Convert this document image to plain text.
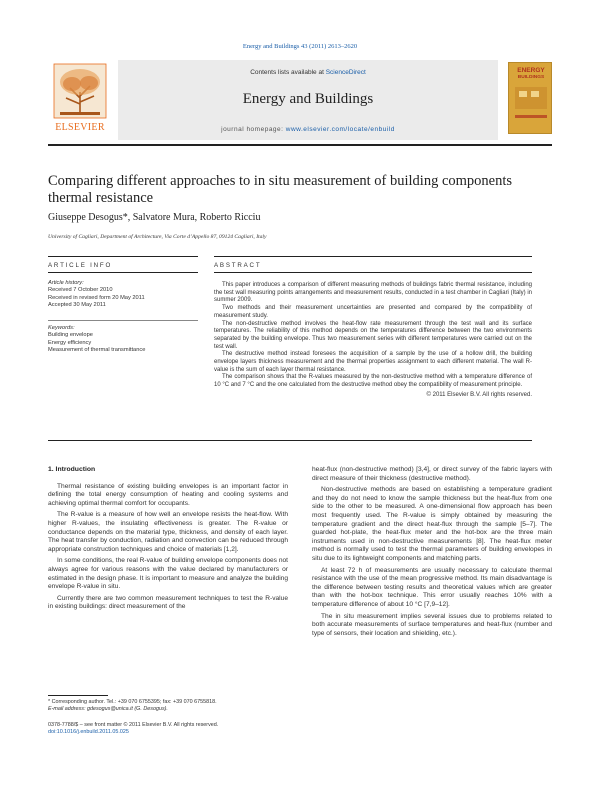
Energy and Buildings 43 (2011) 2613–2620
ELSEVIER
Contents lists available at ScienceDirect
Energy and Buildings
journal homepage: www.elsevier.com/locate/enbuild
ENERGY
BUILDINGS
Comparing different approaches to in situ measurement of building components thermal resistance
Giuseppe Desogus*, Salvatore Mura, Roberto Ricciu
University of Cagliari, Department of Architecture, Via Corte d’Appello 87, 09124 Cagliari, Italy
ARTICLE INFO	ABSTRACT
Article history:
Received 7 October 2010
Received in revised form 20 May 2011
Accepted 30 May 2011
Keywords:
Building envelope
Energy efficiency
Measurement of thermal transmittance

This paper introduces a comparison of different measuring methods of buildings fabric thermal resistance, including the test wall measuring points arrangements and measurement results, conducted in a test chamber in Cagliari (Italy) in summer 2009.

Two methods and their measurement uncertainties are presented and compared by the compatibility of measurement study.

The non-destructive method involves the heat-flow rate measurement through the test wall and its surface temperatures. The reliability of this method depends on the temperatures difference between the two environments separated by the building envelope. Thus two measurement series with different temperatures were carried out on the test wall.

The destructive method instead foresees the acquisition of a sample by the use of a hollow drill, the building envelope layers thickness measurement and the thermal properties assignment to each different material. The wall R-value is the sum of each layer thermal resistance.

The comparison shows that the R-values measured by the non-destructive method with a temperature difference of 10 °C and 7 °C and the one calculated from the destructive method obey the compatibility of measurement principle.

© 2011 Elsevier B.V. All rights reserved.

1. Introduction

Thermal resistance of existing building envelopes is an important factor in defining the total energy consumption of heating and cooling systems and achieving optimal thermal comfort for occupants.

The R-value is a measure of how well an envelope resists the heat-flow. With higher R-values, the insulating effectiveness is greater. The R-value or conductance depends on the material type, thickness, and density of each layer. The heat transfer by conduction, radiation and convection can be reduced through appropriate construction techniques and choice of materials [1,2].

In some conditions, the real R-value of building envelope components does not always agree for various reasons with the value declared by manufacturers or estimated in the design phase. It is important to measure and analyze the building envelope R-value in situ.

Currently there are two common measurement techniques to test the R-value in existing buildings: direct measurement of the

heat-flux (non-destructive method) [3,4], or direct survey of the fabric layers with direct measure of their thickness (destructive method).

Non-destructive methods are based on establishing a temperature gradient and they do not need to know the sample thickness but the heat-flux from one side to the other to be measured. A one-dimensional flow approach has been most frequently used. The R-value is simply obtained by measuring the temperature gradient and the direct heat-flux through the sample [5–7]. The guarded hot-plate, the heat-flux meter and the hot-box are the three main instruments used in non-destructive measurements [8]. The heat-flux meter method is normally used to test the thermal parameters of building envelopes in situ due to its lightweight components and matching parts.

At least 72 h of measurements are usually necessary to calculate thermal resistance with the use of the mean progressive method. Its main disadvantage is the difference between testing results and theoretical values which are greater than with the hot-box technique. This error usually reaches 10% with a temperature difference of about 10 °C [7,9–12].

The in situ measurement implies several issues due to problems related to both accurate measurements of surface temperatures and heat-flux (number and type of sensors, their location and shielding, etc.).

* Corresponding author. Tel.: +39 070 6755395; fax: +39 070 6755818.
E-mail address: gdesogus@unica.it (G. Desogus).
0378-7788/$ – see front matter © 2011 Elsevier B.V. All rights reserved.
doi:10.1016/j.enbuild.2011.05.025
